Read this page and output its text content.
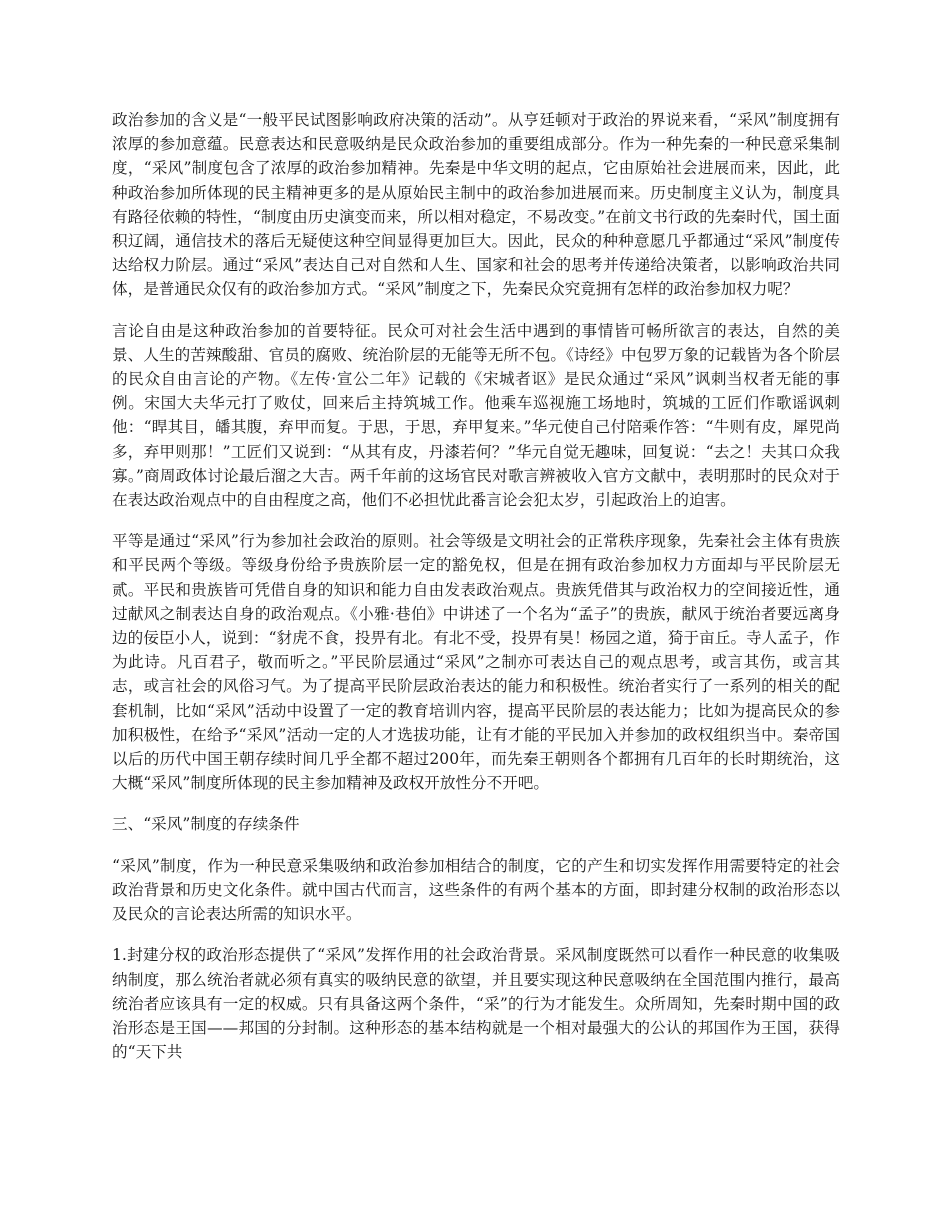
政治参加的含义是“一般平民试图影响政府决策的活动”。从亨廷顿对于政治的界说来看，“采风”制度拥有浓厚的参加意蕴。民意表达和民意吸纳是民众政治参加的重要组成部分。作为一种先秦的一种民意采集制度，“采风”制度包含了浓厚的政治参加精神。先秦是中华文明的起点，它由原始社会进展而来，因此，此种政治参加所体现的民主精神更多的是从原始民主制中的政治参加进展而来。历史制度主义认为，制度具有路径依赖的特性，“制度由历史演变而来，所以相对稳定，不易改变。”在前文书行政的先秦时代，国土面积辽阔，通信技术的落后无疑使这种空间显得更加巨大。因此，民众的种种意愿几乎都通过“采风”制度传达给权力阶层。通过“采风”表达自己对自然和人生、国家和社会的思考并传递给决策者，以影响政治共同体，是普通民众仅有的政治参加方式。“采风”制度之下，先秦民众究竟拥有怎样的政治参加权力呢？

言论自由是这种政治参加的首要特征。民众可对社会生活中遇到的事情皆可畅所欲言的表达，自然的美景、人生的苦辣酸甜、官员的腐败、统治阶层的无能等无所不包。《诗经》中包罗万象的记载皆为各个阶层的民众自由言论的产物。《左传·宣公二年》记载的《宋城者讴》是民众通过“采风”讽刺当权者无能的事例。宋国大夫华元打了败仗，回来后主持筑城工作。他乘车巡视施工场地时，筑城的工匠们作歌谣讽刺他：“睅其目，皤其腹，弃甲而复。于思，于思，弃甲复来。”华元使自己付陪乘作答：“牛则有皮，犀兕尚多，弃甲则那！”工匠们又说到：“从其有皮，丹漆若何？”华元自觉无趣味，回复说：“去之！夫其口众我寡。”商周政体讨论最后溜之大吉。两千年前的这场官民对歌言辨被收入官方文献中，表明那时的民众对于在表达政治观点中的自由程度之高，他们不必担忧此番言论会犯太岁，引起政治上的迫害。

平等是通过“采风”行为参加社会政治的原则。社会等级是文明社会的正常秩序现象，先秦社会主体有贵族和平民两个等级。等级身份给予贵族阶层一定的豁免权，但是在拥有政治参加权力方面却与平民阶层无贰。平民和贵族皆可凭借自身的知识和能力自由发表政治观点。贵族凭借其与政治权力的空间接近性，通过献风之制表达自身的政治观点。《小雅·巷伯》中讲述了一个名为“孟子”的贵族，献风于统治者要远离身边的佞臣小人，说到：“豺虎不食，投畀有北。有北不受，投畀有昊！杨园之道，猗于亩丘。寺人孟子，作为此诗。凡百君子，敬而听之。”平民阶层通过“采风”之制亦可表达自己的观点思考，或言其伤，或言其志，或言社会的风俗习气。为了提高平民阶层政治表达的能力和积极性。统治者实行了一系列的相关的配套机制，比如“采风”活动中设置了一定的教育培训内容，提高平民阶层的表达能力；比如为提高民众的参加积极性，在给予“采风”活动一定的人才选拔功能，让有才能的平民加入并参加的政权组织当中。秦帝国以后的历代中国王朝存续时间几乎全都不超过200年，而先秦王朝则各个都拥有几百年的长时期统治，这大概“采风”制度所体现的民主参加精神及政权开放性分不开吧。

三、“采风”制度的存续条件

“采风”制度，作为一种民意采集吸纳和政治参加相结合的制度，它的产生和切实发挥作用需要特定的社会政治背景和历史文化条件。就中国古代而言，这些条件的有两个基本的方面，即封建分权制的政治形态以及民众的言论表达所需的知识水平。

1.封建分权的政治形态提供了“采风”发挥作用的社会政治背景。采风制度既然可以看作一种民意的收集吸纳制度，那么统治者就必须有真实的吸纳民意的欲望，并且要实现这种民意吸纳在全国范围内推行，最高统治者应该具有一定的权威。只有具备这两个条件，“采”的行为才能发生。众所周知，先秦时期中国的政治形态是王国——邦国的分封制。这种形态的基本结构就是一个相对最强大的公认的邦国作为王国，获得的“天下共
